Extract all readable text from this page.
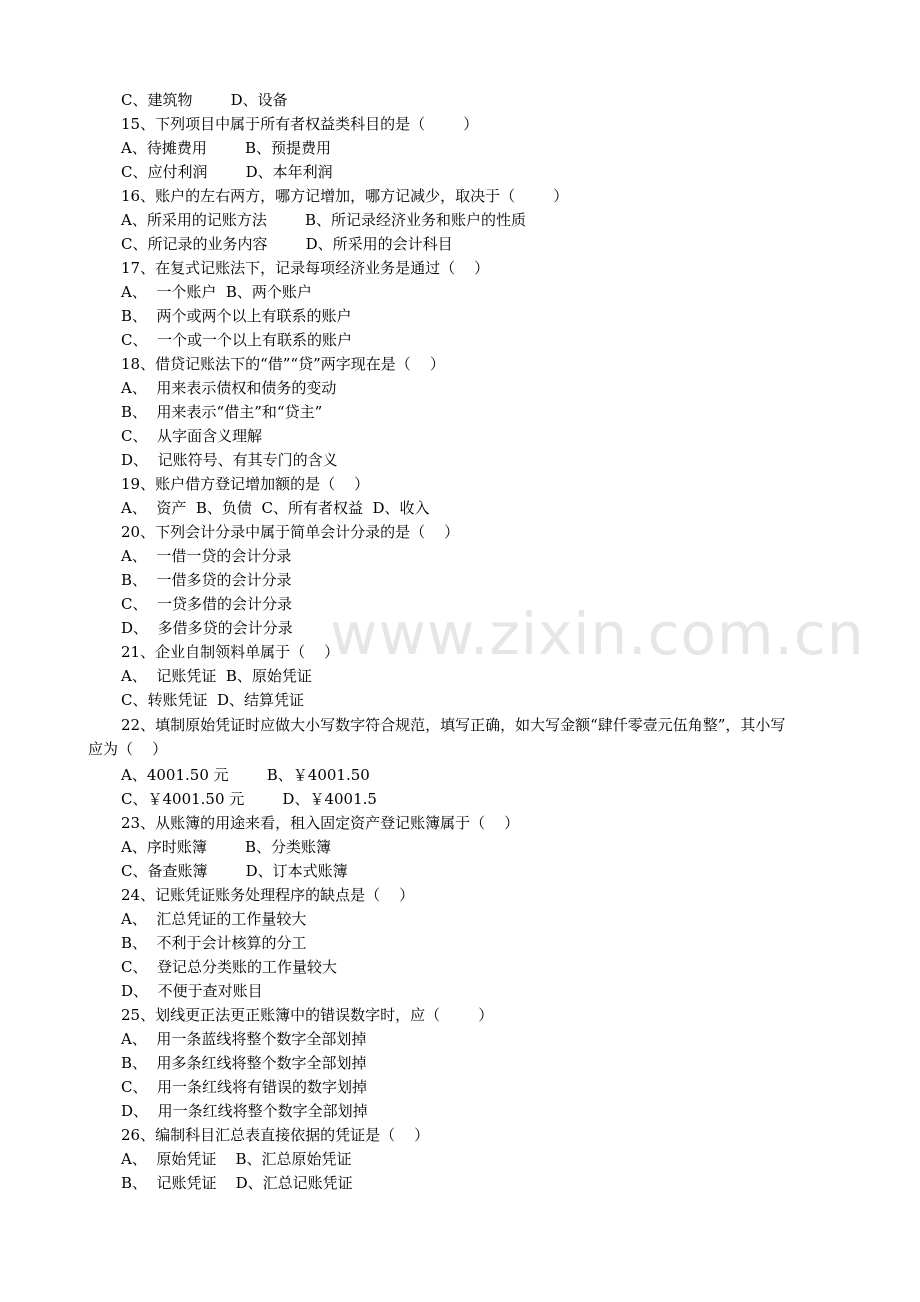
www.zixin.com.cn

C、建筑物        D、设备

15、下列项目中属于所有者权益类科目的是（        ）

A、待摊费用        B、预提费用

C、应付利润        D、本年利润

16、账户的左右两方，哪方记增加，哪方记减少，取决于（        ）

A、所采用的记账方法        B、所记录经济业务和账户的性质

C、所记录的业务内容        D、所采用的会计科目

17、在复式记账法下，记录每项经济业务是通过（    ）

A、  一个账户  B、两个账户

B、  两个或两个以上有联系的账户

C、  一个或一个以上有联系的账户

18、借贷记账法下的“借”“贷”两字现在是（    ）

A、  用来表示债权和债务的变动

B、  用来表示“借主”和“贷主”

C、  从字面含义理解

D、  记账符号、有其专门的含义

19、账户借方登记增加额的是（    ）

A、  资产  B、负债  C、所有者权益  D、收入

20、下列会计分录中属于简单会计分录的是（    ）

A、  一借一贷的会计分录

B、  一借多贷的会计分录

C、  一贷多借的会计分录

D、  多借多贷的会计分录

21、企业自制领料单属于（    ）

A、  记账凭证  B、原始凭证

C、转账凭证  D、结算凭证

22、填制原始凭证时应做大小写数字符合规范，填写正确，如大写金额“肆仟零壹元伍角整”，其小写

应为（    ）

A、4001.50 元        B、￥4001.50

C、￥4001.50 元        D、￥4001.5

23、从账簿的用途来看，租入固定资产登记账簿属于（    ）

A、序时账簿        B、分类账簿

C、备查账簿        D、订本式账簿

24、记账凭证账务处理程序的缺点是（    ）

A、  汇总凭证的工作量较大

B、  不利于会计核算的分工

C、  登记总分类账的工作量较大

D、  不便于查对账目

25、划线更正法更正账簿中的错误数字时，应（        ）

A、  用一条蓝线将整个数字全部划掉

B、  用多条红线将整个数字全部划掉

C、  用一条红线将有错误的数字划掉

D、  用一条红线将整个数字全部划掉

26、编制科目汇总表直接依据的凭证是（    ）

A、  原始凭证    B、汇总原始凭证

B、  记账凭证    D、汇总记账凭证
